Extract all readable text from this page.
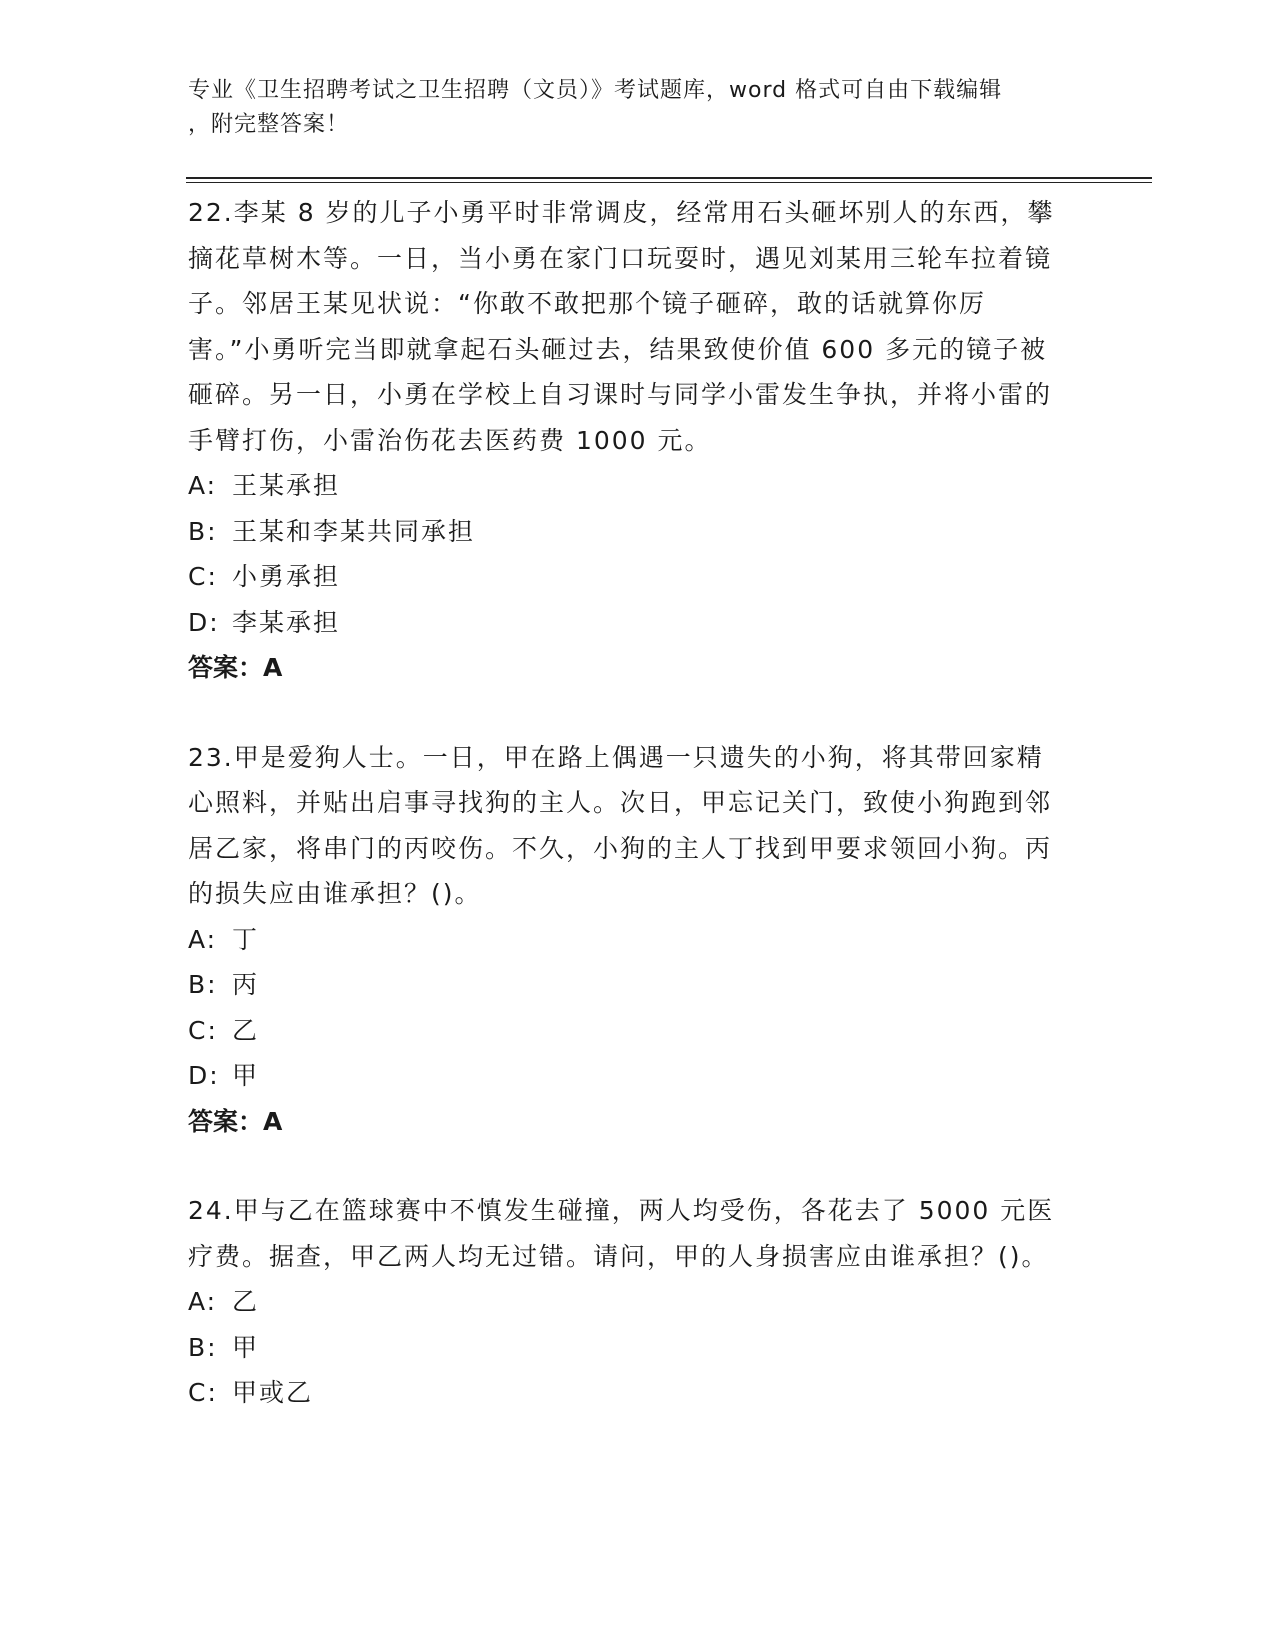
专业《卫生招聘考试之卫生招聘（文员）》考试题库，word 格式可自由下载编辑
，附完整答案！

22.李某 8 岁的儿子小勇平时非常调皮，经常用石头砸坏别人的东西，攀摘花草树木等。一日，当小勇在家门口玩耍时，遇见刘某用三轮车拉着镜子。邻居王某见状说：“你敢不敢把那个镜子砸碎，敢的话就算你厉害。”小勇听完当即就拿起石头砸过去，结果致使价值 600 多元的镜子被砸碎。另一日，小勇在学校上自习课时与同学小雷发生争执，并将小雷的手臂打伤，小雷治伤花去医药费 1000 元。

A: 王某承担

B: 王某和李某共同承担

C: 小勇承担

D: 李某承担

答案：A

23.甲是爱狗人士。一日，甲在路上偶遇一只遗失的小狗，将其带回家精心照料，并贴出启事寻找狗的主人。次日，甲忘记关门，致使小狗跑到邻居乙家，将串门的丙咬伤。不久，小狗的主人丁找到甲要求领回小狗。丙的损失应由谁承担？()。

A: 丁

B: 丙

C: 乙

D: 甲

答案：A

24.甲与乙在篮球赛中不慎发生碰撞，两人均受伤，各花去了 5000 元医疗费。据查，甲乙两人均无过错。请问，甲的人身损害应由谁承担？()。

A: 乙

B: 甲

C: 甲或乙
